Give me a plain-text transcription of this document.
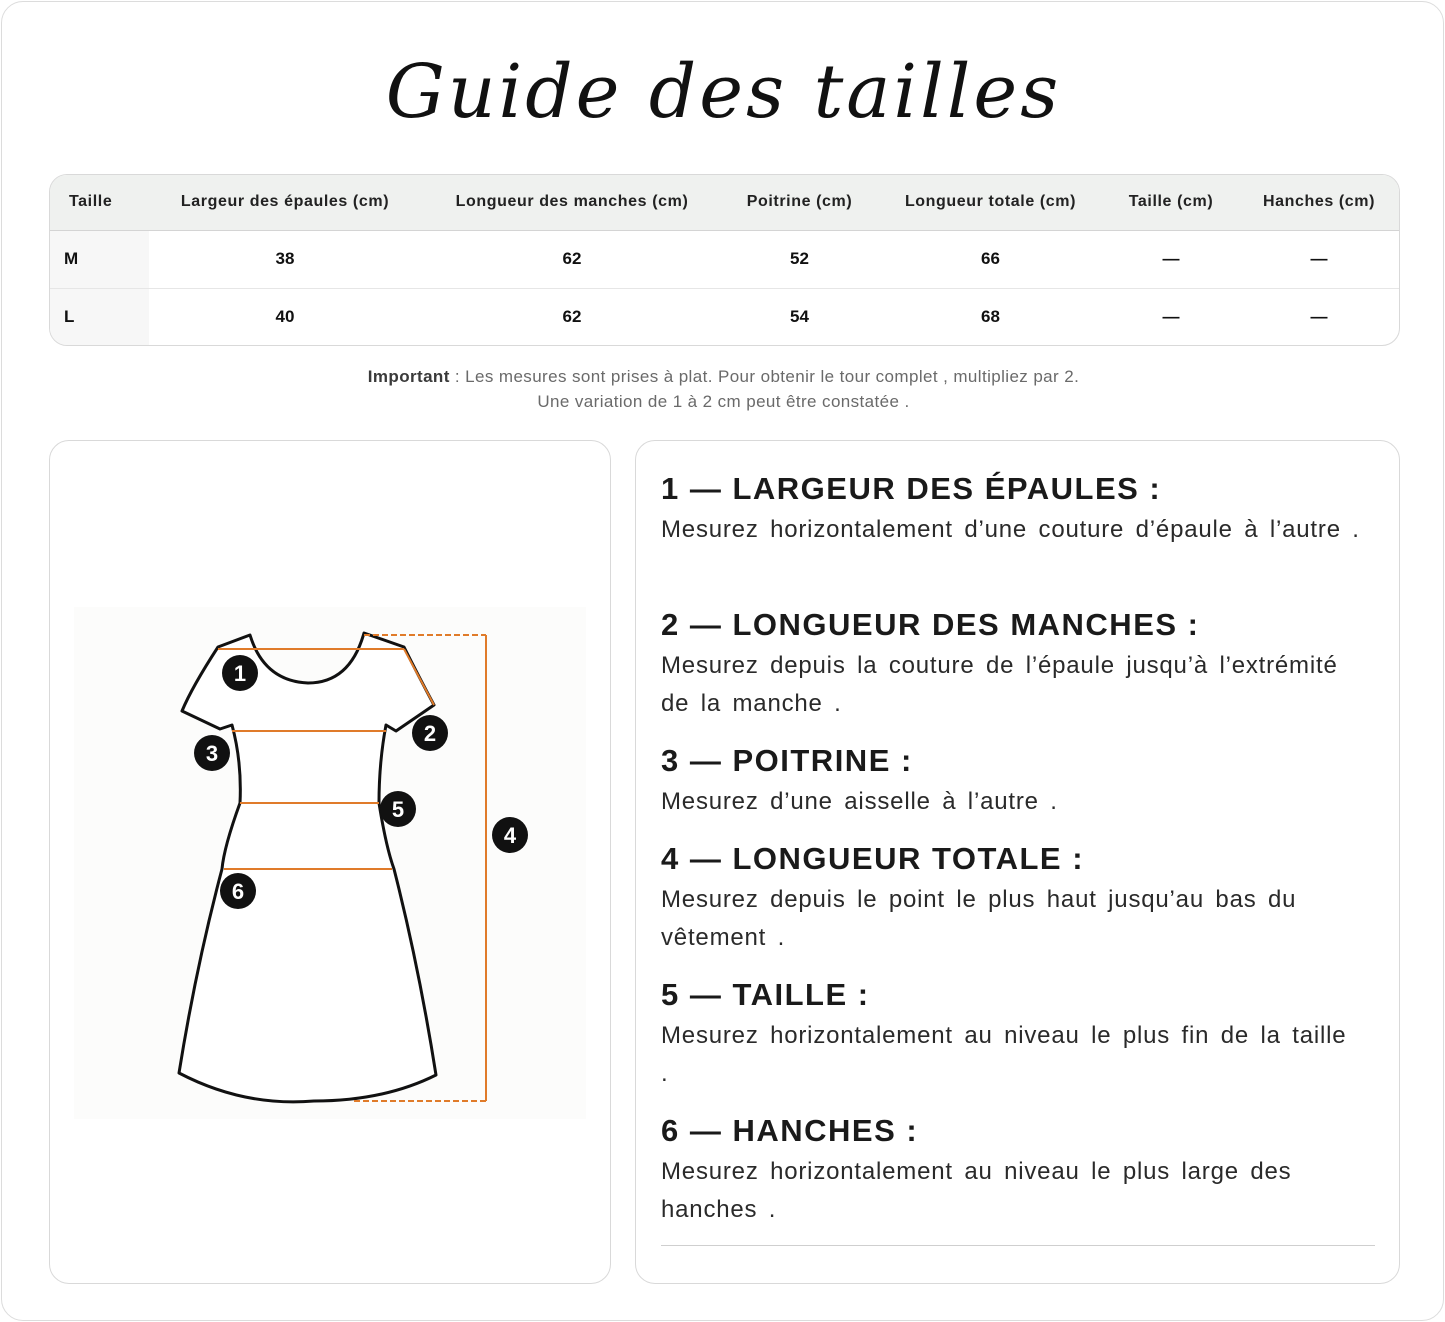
Guide des tailles
Taille	Largeur des épaules (cm)	Longueur des manches (cm)	Poitrine (cm)	Longueur totale (cm)	Taille (cm)	Hanches (cm)
M	38	62	52	66	—	—
L	40	62	54	68	—	—
Important : Les mesures sont prises à plat. Pour obtenir le tour complet , multipliez par 2.
Une variation de 1 à 2 cm peut être constatée .
1
2
3
4
5
6
1 — LARGEUR DES ÉPAULES :

Mesurez horizontalement d’une couture d’épaule à l’autre .

2 — LONGUEUR DES MANCHES :

Mesurez depuis la couture de l’épaule jusqu’à l’extrémité de la manche .

3 — POITRINE :

Mesurez d’une aisselle à l’autre .

4 — LONGUEUR TOTALE :

Mesurez depuis le point le plus haut jusqu’au bas du vêtement .

5 — TAILLE :

Mesurez horizontalement au niveau le plus fin de la taille .

6 — HANCHES :

Mesurez horizontalement au niveau le plus large des hanches .
